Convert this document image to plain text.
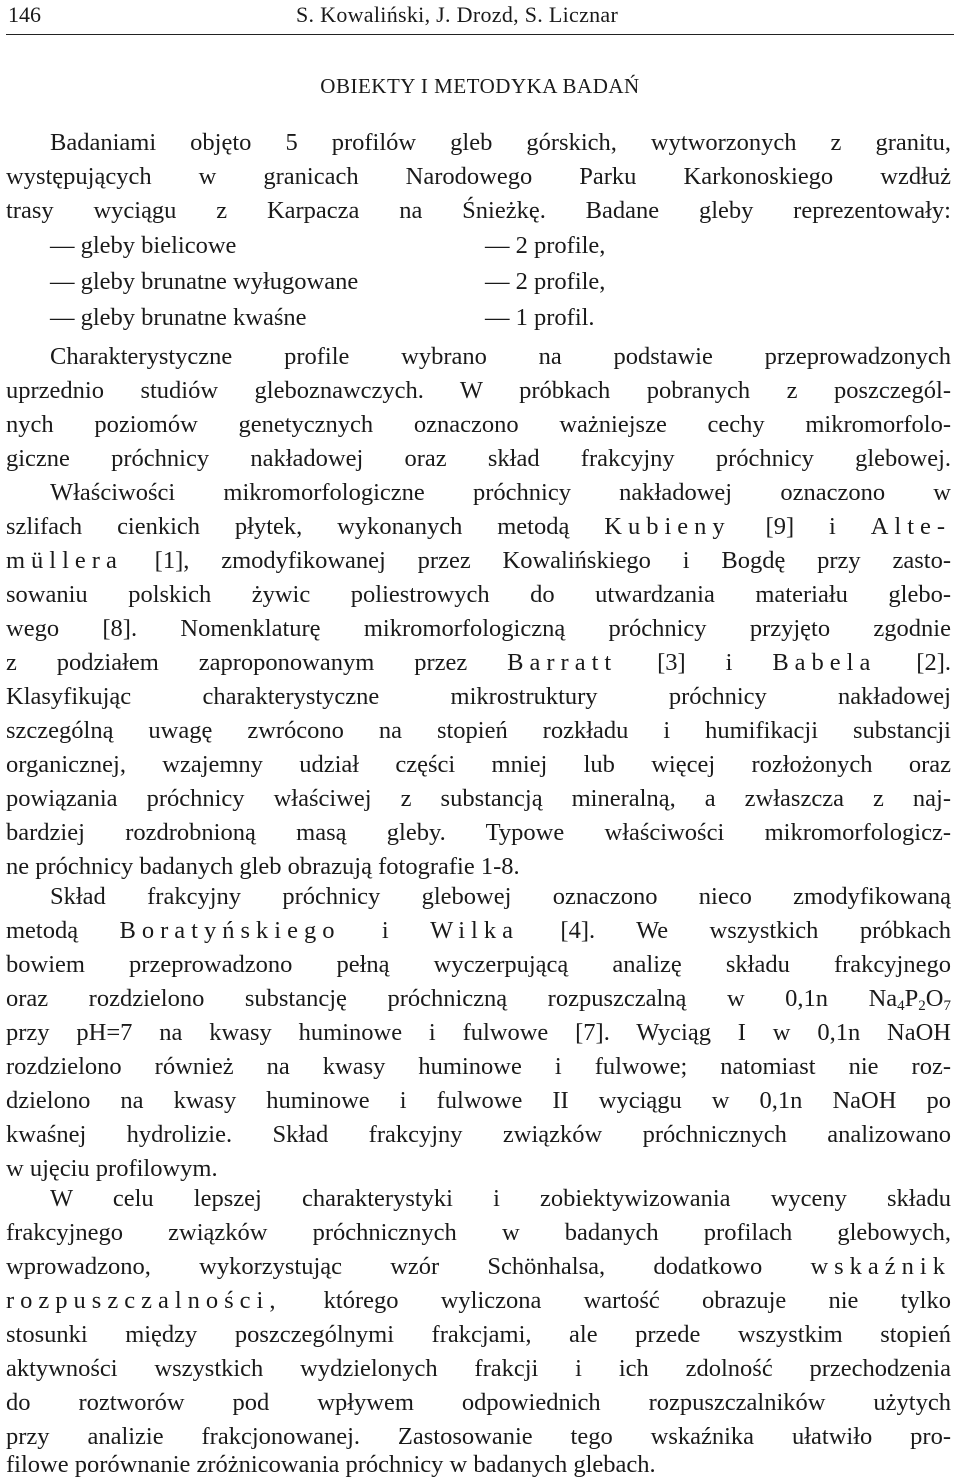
146	S. Kowaliński, J. Drozd, S. Licznar
OBIEKTY I METODYKA BADAŃ
Badaniami objęto 5 profilów gleb górskich, wytworzonych z granitu,
występujących w granicach Narodowego Parku Karkonoskiego wzdłuż
trasy wyciągu z Karpacza na Śnieżkę. Badane gleby reprezentowały:
— gleby bielicowe	— 2 profile,
— gleby brunatne wyługowane	— 2 profile,
— gleby brunatne kwaśne	— 1 profil.
Charakterystyczne profile wybrano na podstawie przeprowadzonych
uprzednio studiów gleboznawczych. W próbkach pobranych z poszczegól-
nych poziomów genetycznych oznaczono ważniejsze cechy mikromorfolo-
giczne próchnicy nakładowej oraz skład frakcyjny próchnicy glebowej.
Właściwości mikromorfologiczne próchnicy nakładowej oznaczono w
szlifach cienkich płytek, wykonanych metodą Kubieny [9] i Alte-
müllera [1], zmodyfikowanej przez Kowalińskiego i Bogdę przy zasto-
sowaniu polskich żywic poliestrowych do utwardzania materiału glebo-
wego [8]. Nomenklaturę mikromorfologiczną próchnicy przyjęto zgodnie
z podziałem zaproponowanym przez Barratt [3] i Babela [2].
Klasyfikując charakterystyczne mikrostruktury próchnicy nakładowej
szczególną uwagę zwrócono na stopień rozkładu i humifikacji substancji
organicznej, wzajemny udział części mniej lub więcej rozłożonych oraz
powiązania próchnicy właściwej z substancją mineralną, a zwłaszcza z naj-
bardziej rozdrobnioną masą gleby. Typowe właściwości mikromorfologicz-
ne próchnicy badanych gleb obrazują fotografie 1-8.
Skład frakcyjny próchnicy glebowej oznaczono nieco zmodyfikowaną
metodą Boratyńskiego i Wilka [4]. We wszystkich próbkach
bowiem przeprowadzono pełną wyczerpującą analizę składu frakcyjnego
oraz rozdzielono substancję próchniczną rozpuszczalną w 0,1n $Na_4P_2O_7$
przy pH=7 na kwasy huminowe i fulwowe [7]. Wyciąg I w 0,1n NaOH
rozdzielono również na kwasy huminowe i fulwowe; natomiast nie roz-
dzielono na kwasy huminowe i fulwowe II wyciągu w 0,1n NaOH po
kwaśnej hydrolizie. Skład frakcyjny związków próchnicznych analizowano
w ujęciu profilowym.
W celu lepszej charakterystyki i zobiektywizowania wyceny składu
frakcyjnego związków próchnicznych w badanych profilach glebowych,
wprowadzono, wykorzystując wzór Schönhalsa, dodatkowo wskaźnik
rozpuszczalności, którego wyliczona wartość obrazuje nie tylko
stosunki między poszczególnymi frakcjami, ale przede wszystkim stopień
aktywności wszystkich wydzielonych frakcji i ich zdolność przechodzenia
do roztworów pod wpływem odpowiednich rozpuszczalników użytych
przy analizie frakcjonowanej. Zastosowanie tego wskaźnika ułatwiło pro-
filowe porównanie zróżnicowania próchnicy w badanych glebach.
